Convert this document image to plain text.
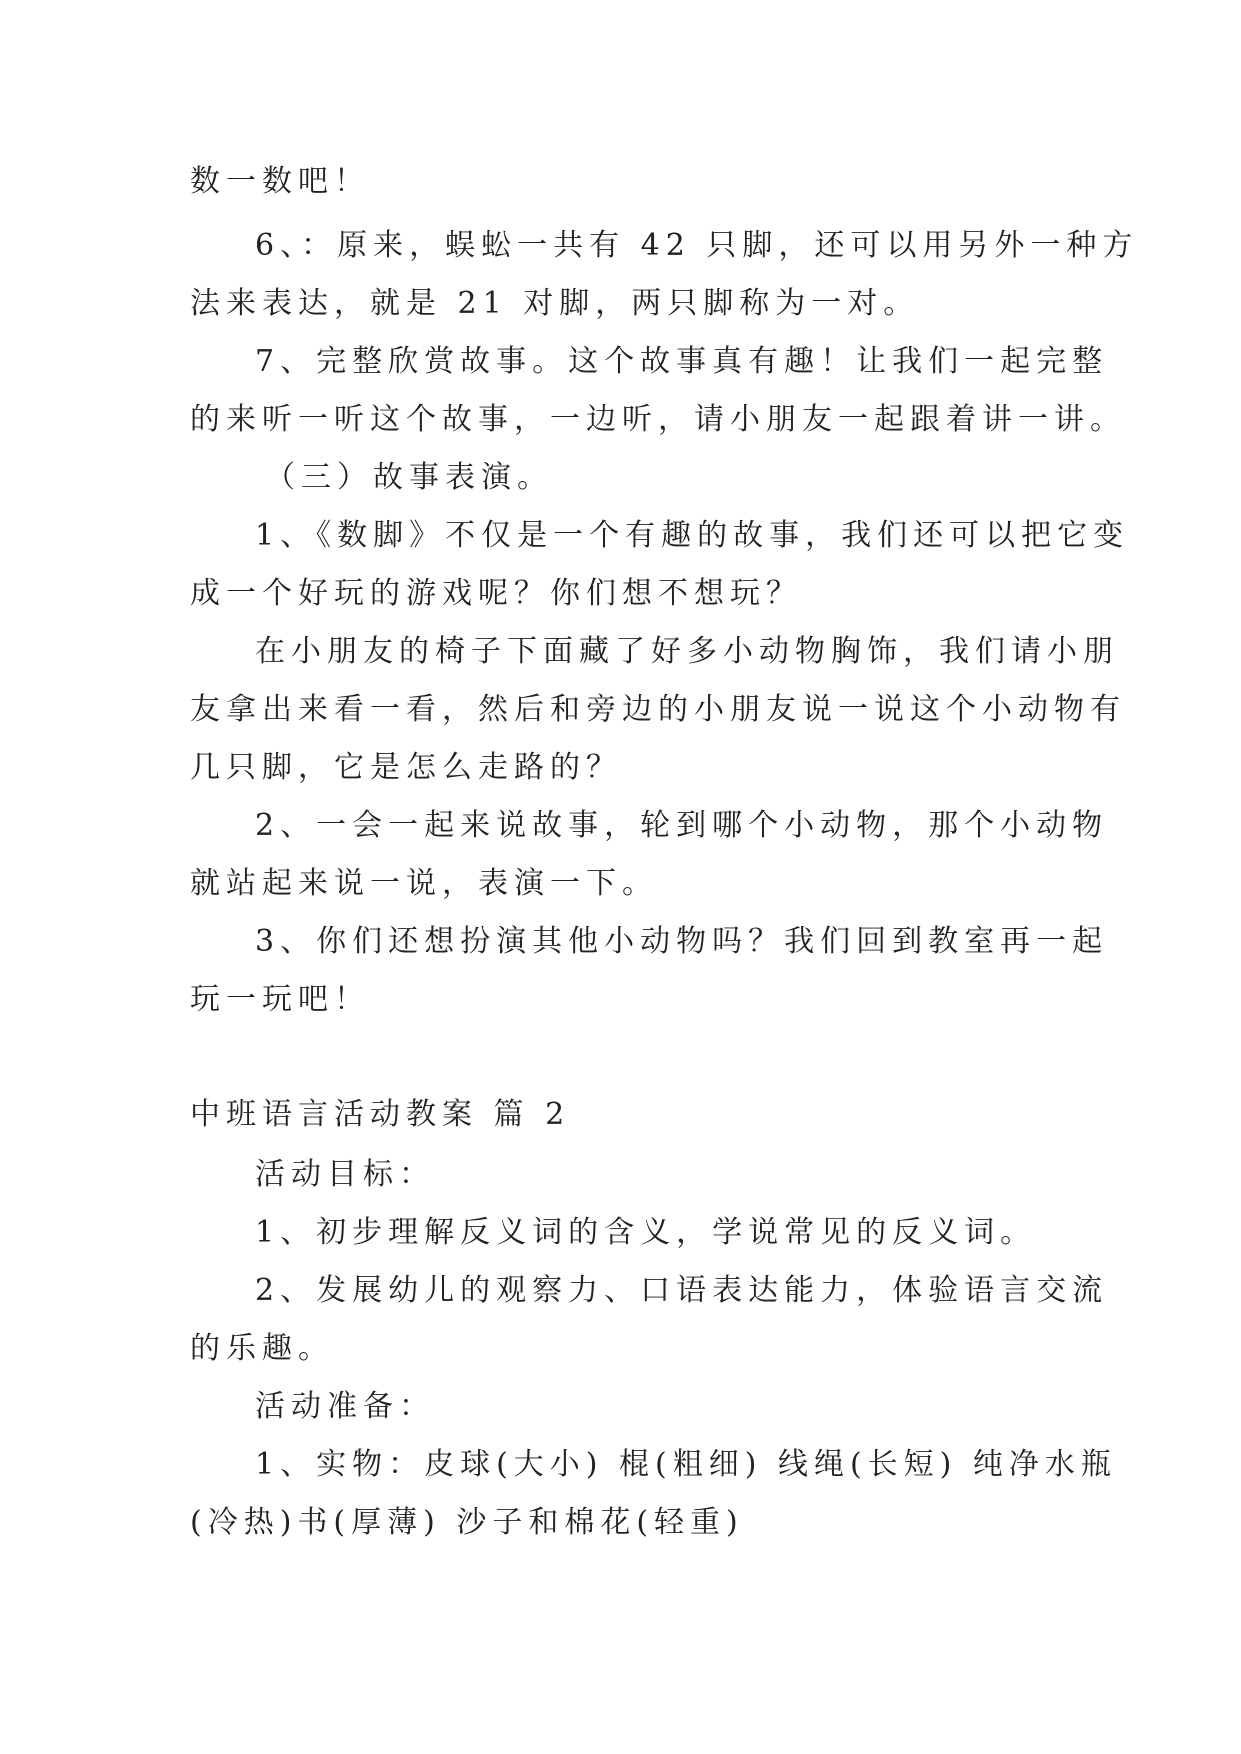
数一数吧！
6、：原来，蜈蚣一共有 42 只脚，还可以用另外一种方
法来表达，就是 21 对脚，两只脚称为一对。
7、完整欣赏故事。这个故事真有趣！让我们一起完整
的来听一听这个故事，一边听，请小朋友一起跟着讲一讲。
（三）故事表演。
1、《数脚》不仅是一个有趣的故事，我们还可以把它变
成一个好玩的游戏呢？你们想不想玩？
在小朋友的椅子下面藏了好多小动物胸饰，我们请小朋
友拿出来看一看，然后和旁边的小朋友说一说这个小动物有
几只脚，它是怎么走路的？
2、一会一起来说故事，轮到哪个小动物，那个小动物
就站起来说一说，表演一下。
3、你们还想扮演其他小动物吗？我们回到教室再一起
玩一玩吧！
中班语言活动教案 篇 2
活动目标：
1、初步理解反义词的含义，学说常见的反义词。
2、发展幼儿的观察力、口语表达能力，体验语言交流
的乐趣。
活动准备：
1、实物：皮球(大小) 棍(粗细) 线绳(长短) 纯净水瓶
(冷热)书(厚薄) 沙子和棉花(轻重)
